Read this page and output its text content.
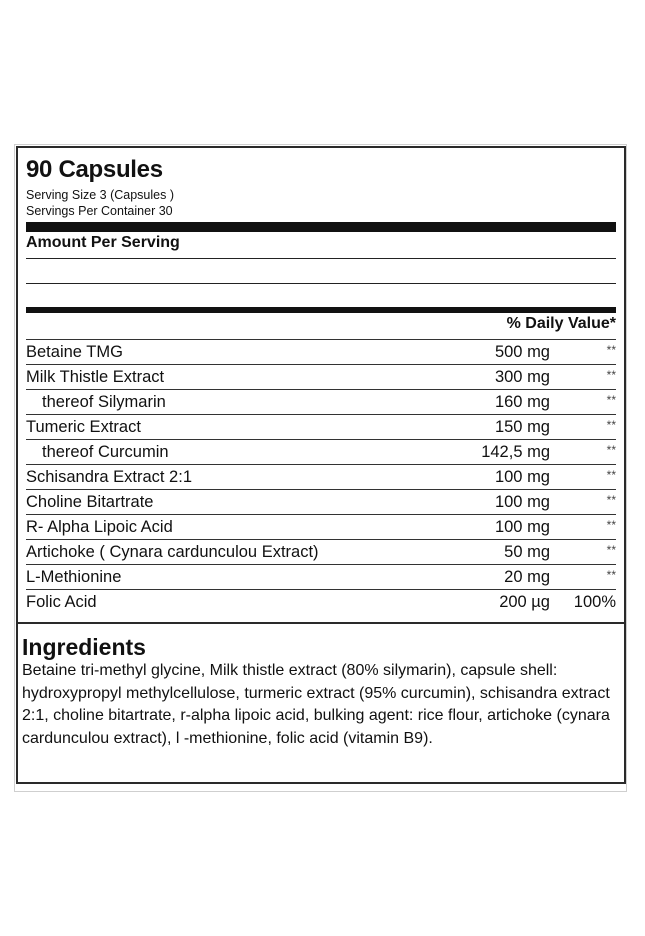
90 Capsules
Serving Size 3 (Capsules )
Servings Per Container 30
Amount Per Serving
% Daily Value*
Betaine TMG	500 mg	**
Milk Thistle Extract	300 mg	**
thereof Silymarin	160 mg	**
Tumeric Extract	150 mg	**
thereof Curcumin	142,5 mg	**
Schisandra Extract 2:1	100 mg	**
Choline Bitartrate	100 mg	**
R- Alpha Lipoic Acid	100 mg	**
Artichoke ( Cynara cardunculou Extract)	50 mg	**
L-Methionine	20 mg	**
Folic Acid	200 µg 100%
Ingredients
Betaine tri-methyl glycine, Milk thistle extract (80% silymarin), capsule shell: hydroxypropyl methylcellulose, turmeric extract (95% curcumin), schisandra extract 2:1, choline bitartrate, r-alpha lipoic acid, bulking agent: rice flour, artichoke (cynara cardunculou extract), l -methionine, folic acid (vitamin B9).
